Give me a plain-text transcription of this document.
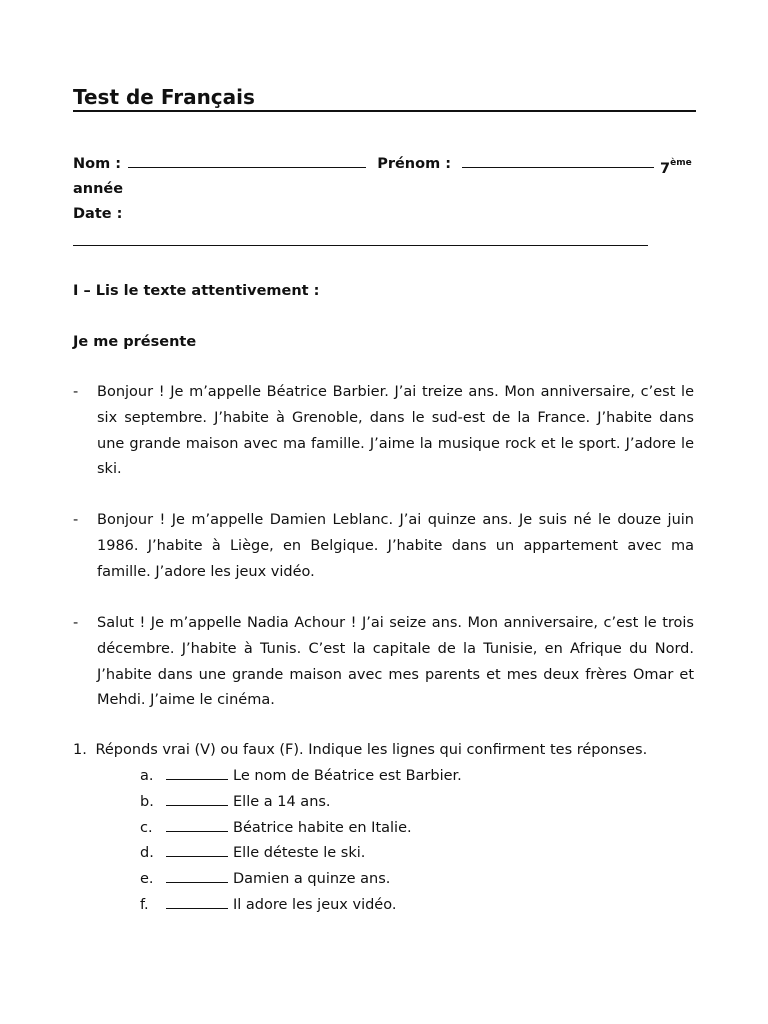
Test de Français
Nom :	Prénom :	7ème
année
Date :
I – Lis le texte attentivement :
Je me présente
- Bonjour ! Je m’appelle Béatrice Barbier. J’ai treize ans. Mon anniversaire, c’est le six septembre. J’habite à Grenoble, dans le sud-est de la France. J’habite dans une grande maison avec ma famille. J’aime la musique rock et le sport. J’adore le ski.
- Bonjour ! Je m’appelle Damien Leblanc. J’ai quinze ans. Je suis né le douze juin 1986. J’habite à Liège, en Belgique. J’habite dans un appartement avec ma famille. J’adore les jeux vidéo.
- Salut ! Je m’appelle Nadia Achour ! J’ai seize ans. Mon anniversaire, c’est le trois décembre. J’habite à Tunis. C’est la capitale de la Tunisie, en Afrique du Nord. J’habite dans une grande maison avec mes parents et mes deux frères Omar et Mehdi. J’aime le cinéma.
1. Réponds vrai (V) ou faux (F). Indique les lignes qui confirment tes réponses.
a.	Le nom de Béatrice est Barbier.
b.	Elle a 14 ans.
c.	Béatrice habite en Italie.
d.	Elle déteste le ski.
e.	Damien a quinze ans.
f.	Il adore les jeux vidéo.
